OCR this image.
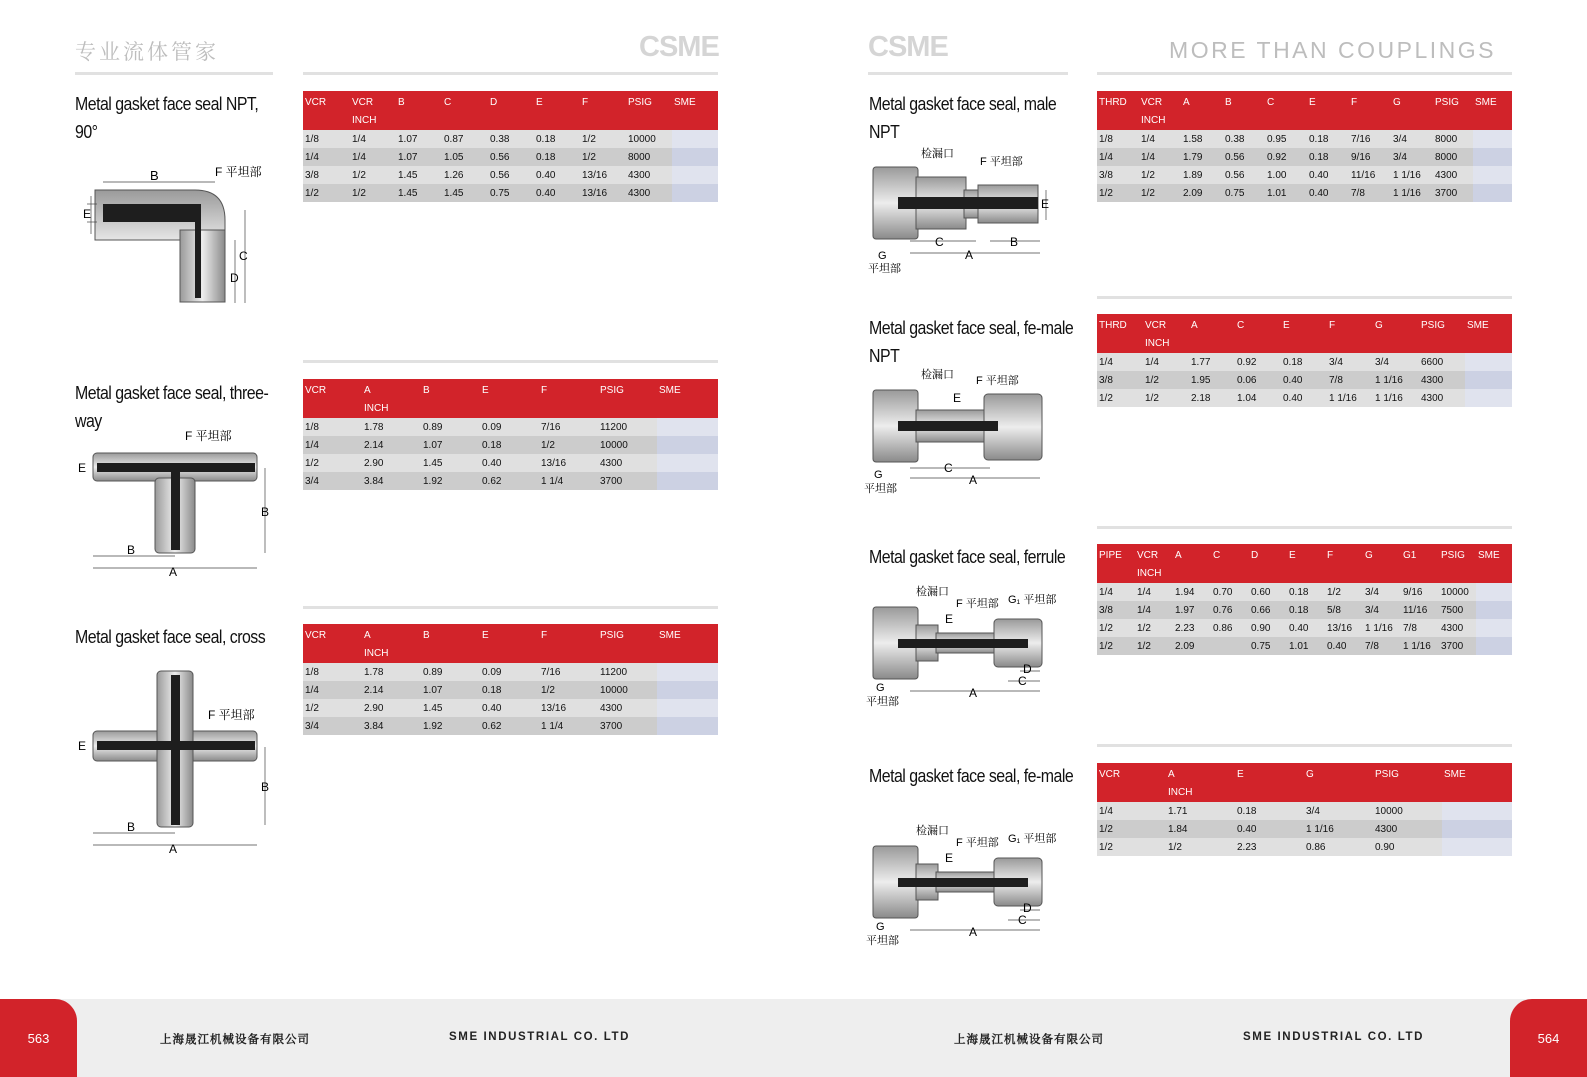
专业流体管家	MORE THAN COUPLINGS
CSME	CSME
Metal gasket face seal NPT, 90°
Metal gasket face seal, three-way
Metal gasket face seal, cross
Metal gasket face seal, male NPT
Metal gasket face seal, fe-male NPT
Metal gasket face seal, ferrule
Metal gasket face seal, fe-male
VCR	VCR
INCH	B	C	D	E	F	PSIG	SME
1/8	1/4	1.07	0.87	0.38	0.18	1/2	10000	
1/4	1/4	1.07	1.05	0.56	0.18	1/2	8000	
3/8	1/2	1.45	1.26	0.56	0.40	13/16	4300	
1/2	1/2	1.45	1.45	0.75	0.40	13/16	4300	
VCR	A
INCH	B	E	F	PSIG	SME
1/8	1.78	0.89	0.09	7/16	11200	
1/4	2.14	1.07	0.18	1/2	10000	
1/2	2.90	1.45	0.40	13/16	4300	
3/4	3.84	1.92	0.62	1 1/4	3700	
VCR	A
INCH	B	E	F	PSIG	SME
1/8	1.78	0.89	0.09	7/16	11200	
1/4	2.14	1.07	0.18	1/2	10000	
1/2	2.90	1.45	0.40	13/16	4300	
3/4	3.84	1.92	0.62	1 1/4	3700	
THRD	VCR
INCH	A	B	C	E	F	G	PSIG	SME
1/8	1/4	1.58	0.38	0.95	0.18	7/16	3/4	8000	
1/4	1/4	1.79	0.56	0.92	0.18	9/16	3/4	8000	
3/8	1/2	1.89	0.56	1.00	0.40	11/16	1 1/16	4300	
1/2	1/2	2.09	0.75	1.01	0.40	7/8	1 1/16	3700	
THRD	VCR
INCH	A	C	E	F	G	PSIG	SME
1/4	1/4	1.77	0.92	0.18	3/4	3/4	6600	
3/8	1/2	1.95	0.06	0.40	7/8	1 1/16	4300	
1/2	1/2	2.18	1.04	0.40	1 1/16	1 1/16	4300	
PIPE	VCR
INCH	A	C	D	E	F	G	G1	PSIG	SME
1/4	1/4	1.94	0.70	0.60	0.18	1/2	3/4	9/16	10000	
3/8	1/4	1.97	0.76	0.66	0.18	5/8	3/4	11/16	7500	
1/2	1/2	2.23	0.86	0.90	0.40	13/16	1 1/16	7/8	4300	
1/2	1/2	2.09		0.75	1.01	0.40	7/8	1 1/16	3700	
VCR	A
INCH	E	G	PSIG	SME
1/4	1.71	0.18	3/4	10000	
1/2	1.84	0.40	1 1/16	4300	
1/2	1/2	2.23	0.86	0.90	
B
E
C
D
F 平坦部
B
A
B
E
F 平坦部
B
A
B
E
F 平坦部
C	B
A
E
检漏口
F 平坦部
G
平坦部
C
A
E
检漏口 F 平坦部
G
平坦部
A
C
D
E
检漏口
F 平坦部 G₁ 平坦部
G
平坦部
A
C
D
E
检漏口
F 平坦部 G₁ 平坦部
G
平坦部
563	564
上海晟江机械设备有限公司	SME INDUSTRIAL CO. LTD	上海晟江机械设备有限公司	SME INDUSTRIAL CO. LTD
